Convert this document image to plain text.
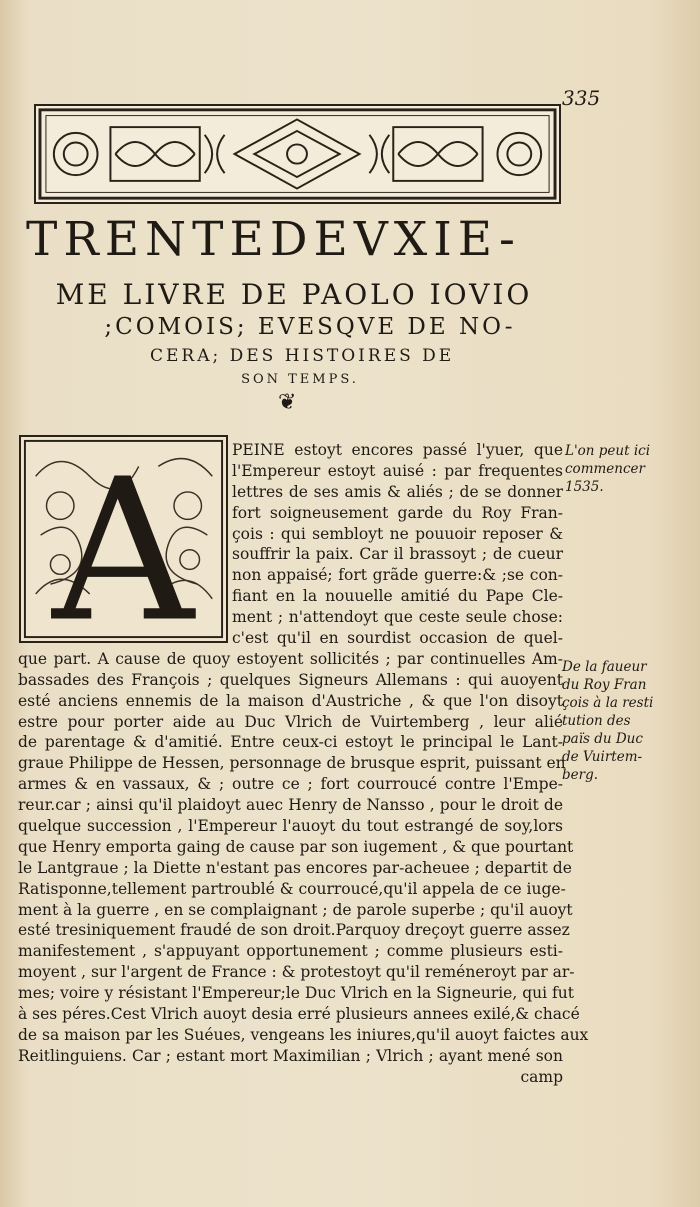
335
TRENTEDEVXIE-
ME LIVRE DE PAOLO IOVIO
;COMOIS; EVESQVE DE NO-
CERA; DES HISTOIRES DE
SON TEMPS.
❦
A	PEINE estoyt encores passé l'yuer, que
l'Empereur estoyt auisé : par frequentes
lettres de ses amis & aliés ; de se donner
fort soigneusement garde du Roy Fran-
çois : qui sembloyt ne pouuoir reposer &
souffrir la paix. Car il brassoyt ; de cueur
non appaisé; fort grãde guerre:& ;se con-
fiant en la nouuelle amitié du Pape Cle-
ment ; n'attendoyt que ceste seule chose:
c'est qu'il en sourdist occasion de quel-
que part. A cause de quoy estoyent sollicités ; par continuelles Am-
bassades des François ; quelques Signeurs Allemans : qui auoyent
esté anciens ennemis de la maison d'Austriche , & que l'on disoyt
estre pour porter aide au Duc Vlrich de Vuirtemberg , leur alié
de parentage & d'amitié. Entre ceux-ci estoyt le principal le Lant-
graue Philippe de Hessen, personnage de brusque esprit, puissant en
armes & en vassaux, & ; outre ce ; fort courroucé contre l'Empe-
reur.car ; ainsi qu'il plaidoyt auec Henry de Nansso , pour le droit de
quelque succession , l'Empereur l'auoyt du tout estrangé de soy,lors
que Henry emporta gaing de cause par son iugement , & que pourtant
le Lantgraue ; la Diette n'estant pas encores par-acheuee ; departit de
Ratisponne,tellement partroublé & courroucé,qu'il appela de ce iuge-
ment à la guerre , en se complaignant ; de parole superbe ; qu'il auoyt
esté tresiniquement fraudé de son droit.Parquoy dreçoyt guerre assez
manifestement , s'appuyant opportunement ; comme plusieurs esti-
moyent , sur l'argent de France : & protestoyt qu'il reméneroyt par ar-
mes; voire y résistant l'Empereur;le Duc Vlrich en la Signeurie, qui fut
à ses péres.Cest Vlrich auoyt desia erré plusieurs annees exilé,& chacé
de sa maison par les Suéues, vengeans les iniures,qu'il auoyt faictes aux
Reitlinguiens. Car ; estant mort Maximilian ; Vlrich ; ayant mené son
camp
L'on peut ici
commencer
1535.
De la faueur
du Roy Fran
çois à la resti
tution des
païs du Duc
de Vuirtem-
berg.
